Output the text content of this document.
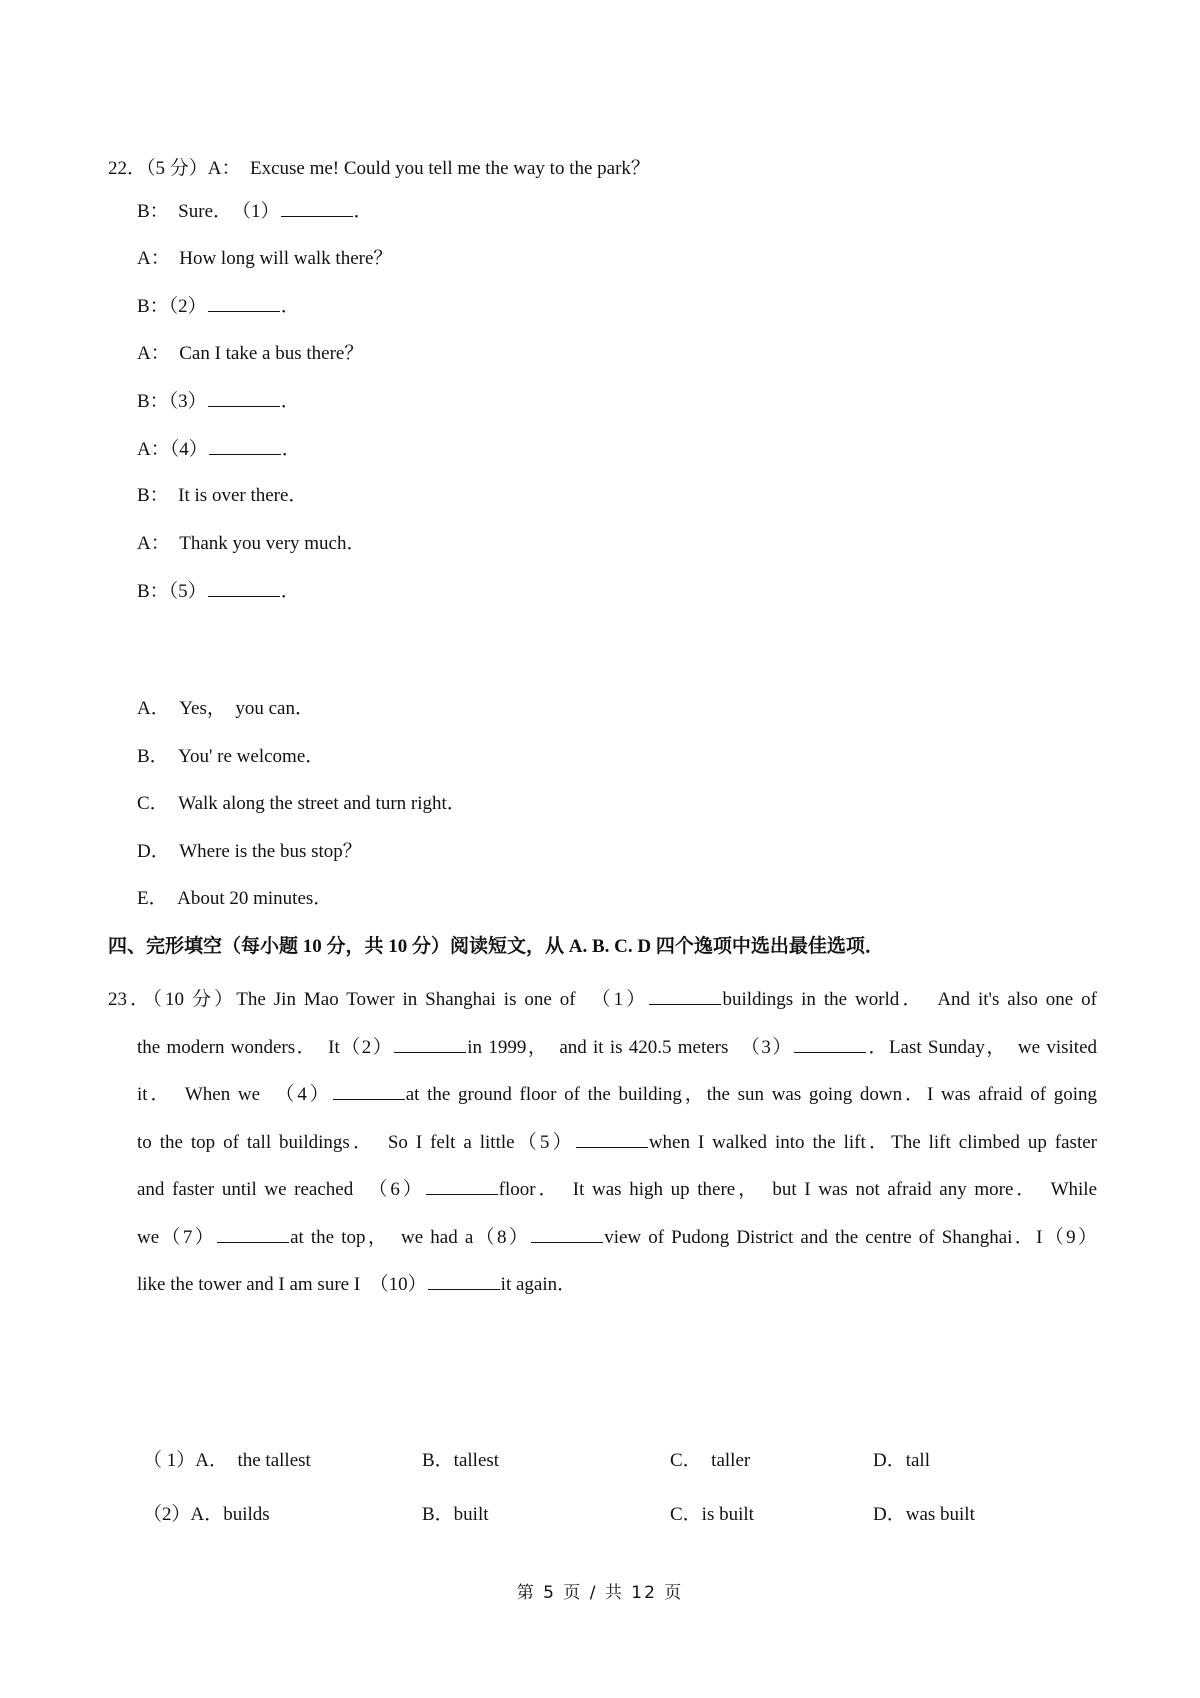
22．（5 分）A：　Excuse me! Could you tell me the way to the park？
B：　Sure．　（1）	．
A：　How long will walk there？
B：（2）	．
A：　Can I take a bus there？
B：（3）	．
A：（4）	．
B：　It is over there．
A：　Thank you very much．
B：（5）	．
A．　Yes，　you can．
B．　You' re welcome．
C．　Walk along the street and turn right．
D．　Where is the bus stop？
E．　About 20 minutes．
四、完形填空（每小题 10 分，共 10 分）阅读短文，从 A. B. C. D 四个逸项中选出最佳选项．
23．（10 分）The Jin Mao Tower in Shanghai is one of　（1）	buildings in the world．　And it's also one of
the modern wonders．　It（2）	in 1999，　and it is 420.5 meters　（3）	．Last Sunday，　we visited
it．　When we　（4）	at the ground floor of the building，the sun was going down．I was afraid of going
to the top of tall buildings．　So I felt a little（5）	when I walked into the lift．The lift climbed up faster
and faster until we reached　（6）	floor．　It was high up there，　but I was not afraid any more．　While
we（7）	at the top，　we had a（8）	view of Pudong District and the centre of Shanghai．I（9）
like the tower and I am sure I　（10）	it again．
（ 1）A．　the tallest	B．tallest	C．　taller	D．tall
（2）A．builds	B．built	C．is built	D．was built
第 5 页 / 共 12 页
